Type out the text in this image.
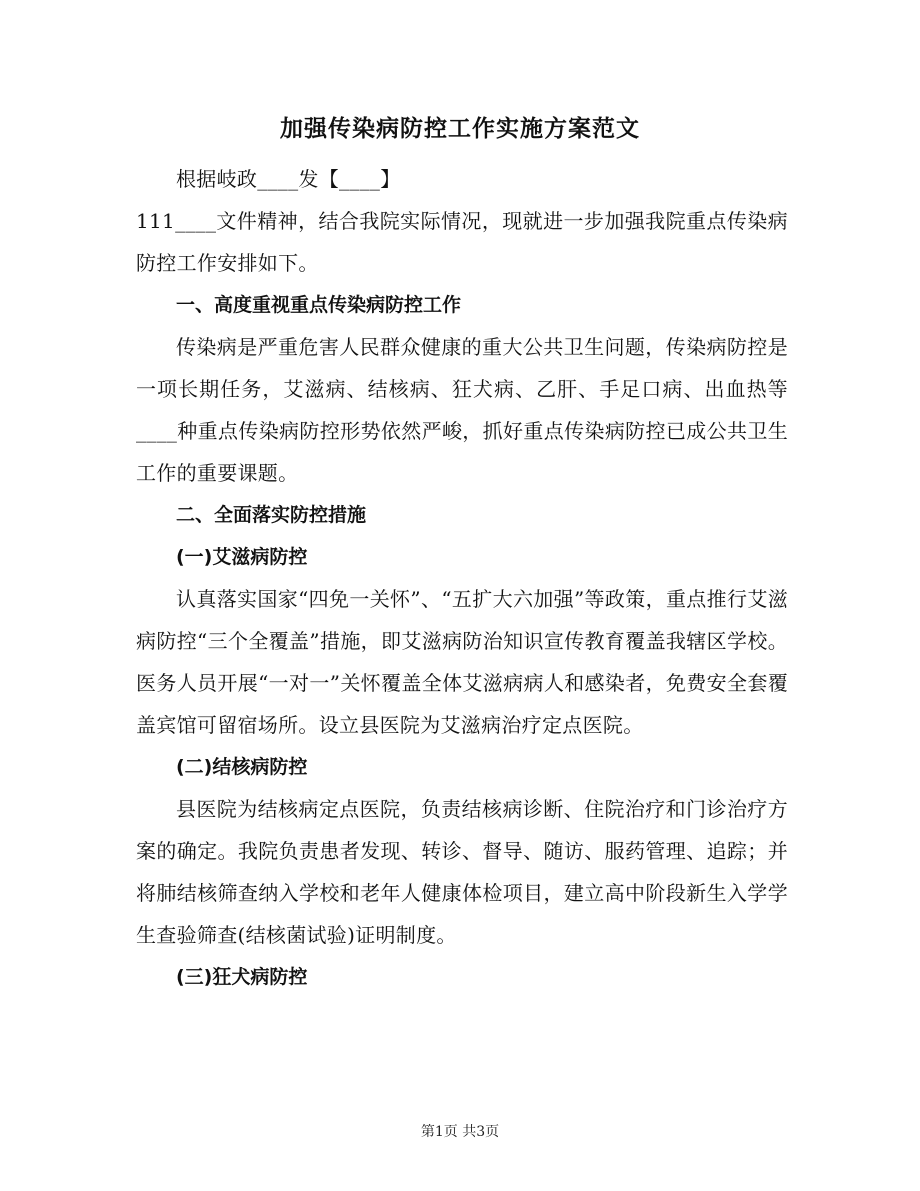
加强传染病防控工作实施方案范文

根据岐政____发【____】

111____文件精神，结合我院实际情况，现就进一步加强我院重点传染病防控工作安排如下。

一、高度重视重点传染病防控工作

传染病是严重危害人民群众健康的重大公共卫生问题，传染病防控是一项长期任务，艾滋病、结核病、狂犬病、乙肝、手足口病、出血热等____种重点传染病防控形势依然严峻，抓好重点传染病防控已成公共卫生工作的重要课题。

二、全面落实防控措施

(一)艾滋病防控

认真落实国家“四免一关怀”、“五扩大六加强”等政策，重点推行艾滋病防控“三个全覆盖”措施，即艾滋病防治知识宣传教育覆盖我辖区学校。医务人员开展“一对一”关怀覆盖全体艾滋病病人和感染者，免费安全套覆盖宾馆可留宿场所。设立县医院为艾滋病治疗定点医院。

(二)结核病防控

县医院为结核病定点医院，负责结核病诊断、住院治疗和门诊治疗方案的确定。我院负责患者发现、转诊、督导、随访、服药管理、追踪；并将肺结核筛查纳入学校和老年人健康体检项目，建立高中阶段新生入学学生查验筛查(结核菌试验)证明制度。

(三)狂犬病防控

第1页 共3页
